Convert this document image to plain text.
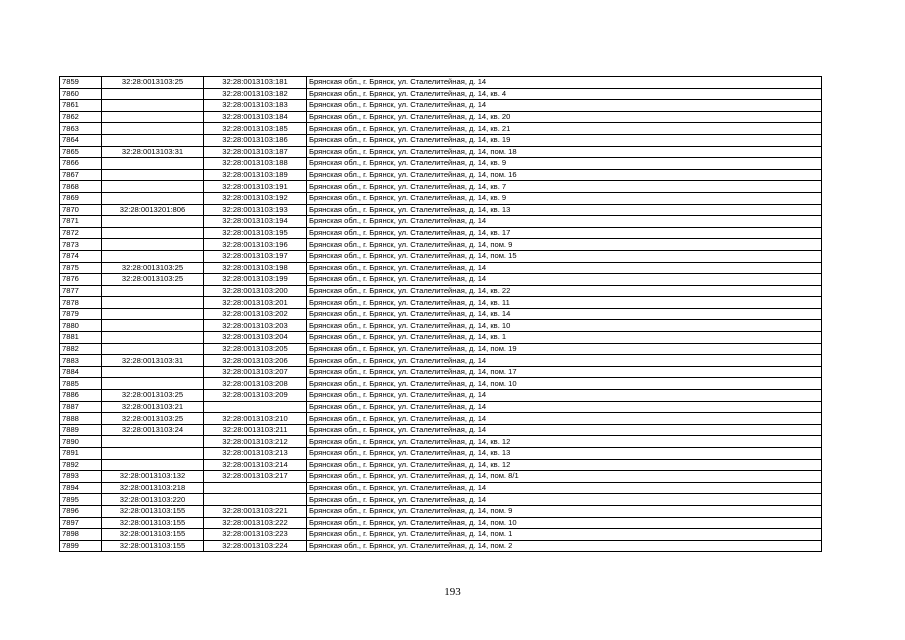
7859	32:28:0013103:25	32:28:0013103:181	Брянская обл., г. Брянск, ул. Сталелитейная, д. 14
7860		32:28:0013103:182	Брянская обл., г. Брянск, ул. Сталелитейная, д. 14, кв. 4
7861		32:28:0013103:183	Брянская обл., г. Брянск, ул. Сталелитейная, д. 14
7862		32:28:0013103:184	Брянская обл., г. Брянск, ул. Сталелитейная, д. 14, кв. 20
7863		32:28:0013103:185	Брянская обл., г. Брянск, ул. Сталелитейная, д. 14, кв. 21
7864		32:28:0013103:186	Брянская обл., г. Брянск, ул. Сталелитейная, д. 14, кв. 19
7865	32:28:0013103:31	32:28:0013103:187	Брянская обл., г. Брянск, ул. Сталелитейная, д. 14, пом. 18
7866		32:28:0013103:188	Брянская обл., г. Брянск, ул. Сталелитейная, д. 14, кв. 9
7867		32:28:0013103:189	Брянская обл., г. Брянск, ул. Сталелитейная, д. 14, пом. 16
7868		32:28:0013103:191	Брянская обл., г. Брянск, ул. Сталелитейная, д. 14, кв. 7
7869		32:28:0013103:192	Брянская обл., г. Брянск, ул. Сталелитейная, д. 14, кв. 9
7870	32:28:0013201:806	32:28:0013103:193	Брянская обл., г. Брянск, ул. Сталелитейная, д. 14, кв. 13
7871		32:28:0013103:194	Брянская обл., г. Брянск, ул. Сталелитейная, д. 14
7872		32:28:0013103:195	Брянская обл., г. Брянск, ул. Сталелитейная, д. 14, кв. 17
7873		32:28:0013103:196	Брянская обл., г. Брянск, ул. Сталелитейная, д. 14, пом. 9
7874		32:28:0013103:197	Брянская обл., г. Брянск, ул. Сталелитейная, д. 14, пом. 15
7875	32:28:0013103:25	32:28:0013103:198	Брянская обл., г. Брянск, ул. Сталелитейная, д. 14
7876	32:28:0013103:25	32:28:0013103:199	Брянская обл., г. Брянск, ул. Сталелитейная, д. 14
7877		32:28:0013103:200	Брянская обл., г. Брянск, ул. Сталелитейная, д. 14, кв. 22
7878		32:28:0013103:201	Брянская обл., г. Брянск, ул. Сталелитейная, д. 14, кв. 11
7879		32:28:0013103:202	Брянская обл., г. Брянск, ул. Сталелитейная, д. 14, кв. 14
7880		32:28:0013103:203	Брянская обл., г. Брянск, ул. Сталелитейная, д. 14, кв. 10
7881		32:28:0013103:204	Брянская обл., г. Брянск, ул. Сталелитейная, д. 14, кв. 1
7882		32:28:0013103:205	Брянская обл., г. Брянск, ул. Сталелитейная, д. 14, пом. 19
7883	32:28:0013103:31	32:28:0013103:206	Брянская обл., г. Брянск, ул. Сталелитейная, д. 14
7884		32:28:0013103:207	Брянская обл., г. Брянск, ул. Сталелитейная, д. 14, пом. 17
7885		32:28:0013103:208	Брянская обл., г. Брянск, ул. Сталелитейная, д. 14, пом. 10
7886	32:28:0013103:25	32:28:0013103:209	Брянская обл., г. Брянск, ул. Сталелитейная, д. 14
7887	32:28:0013103:21		Брянская обл., г. Брянск, ул. Сталелитейная, д. 14
7888	32:28:0013103:25	32:28:0013103:210	Брянская обл., г. Брянск, ул. Сталелитейная, д. 14
7889	32:28:0013103:24	32:28:0013103:211	Брянская обл., г. Брянск, ул. Сталелитейная, д. 14
7890		32:28:0013103:212	Брянская обл., г. Брянск, ул. Сталелитейная, д. 14, кв. 12
7891		32:28:0013103:213	Брянская обл., г. Брянск, ул. Сталелитейная, д. 14, кв. 13
7892		32:28:0013103:214	Брянская обл., г. Брянск, ул. Сталелитейная, д. 14, кв. 12
7893	32:28:0013103:132	32:28:0013103:217	Брянская обл., г. Брянск, ул. Сталелитейная, д. 14, пом. 8/1
7894	32:28:0013103:218		Брянская обл., г. Брянск, ул. Сталелитейная, д. 14
7895	32:28:0013103:220		Брянская обл., г. Брянск, ул. Сталелитейная, д. 14
7896	32:28:0013103:155	32:28:0013103:221	Брянская обл., г. Брянск, ул. Сталелитейная, д. 14, пом. 9
7897	32:28:0013103:155	32:28:0013103:222	Брянская обл., г. Брянск, ул. Сталелитейная, д. 14, пом. 10
7898	32:28:0013103:155	32:28:0013103:223	Брянская обл., г. Брянск, ул. Сталелитейная, д. 14, пом. 1
7899	32:28:0013103:155	32:28:0013103:224	Брянская обл., г. Брянск, ул. Сталелитейная, д. 14, пом. 2
193
